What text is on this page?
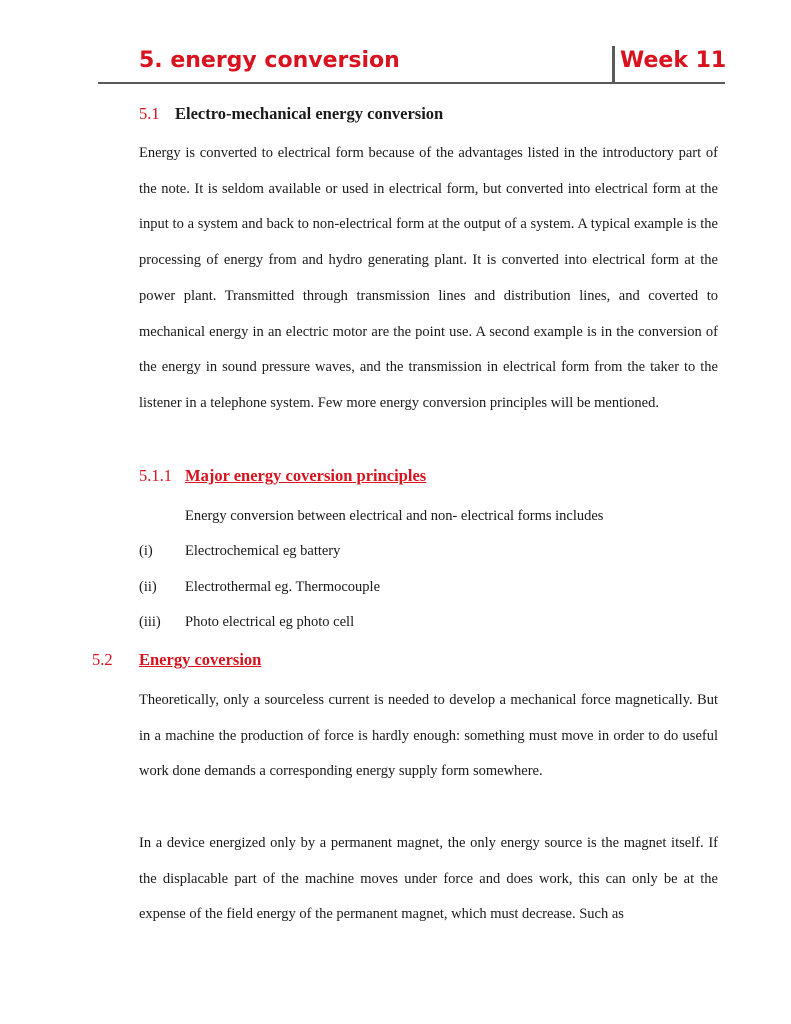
5. energy conversion	Week 11
5.1 Electro-mechanical energy conversion

Energy is converted to electrical form because of the advantages listed in the introductory part of the note. It is seldom available or used in electrical form, but converted into electrical form at the input to a system and back to non-electrical form at the output of a system. A typical example is the processing of energy from and hydro generating plant. It is converted into electrical form at the power plant. Transmitted through transmission lines and distribution lines, and coverted to mechanical energy in an electric motor are the point use. A second example is in the conversion of the energy in sound pressure waves, and the transmission in electrical form from the taker to the listener in a telephone system. Few more energy conversion principles will be mentioned.

5.1.1 Major energy coversion principles
Energy conversion between electrical and non- electrical forms includes
(i) Electrochemical eg battery
(ii) Electrothermal eg. Thermocouple
(iii) Photo electrical eg photo cell
5.2 Energy coversion

Theoretically, only a sourceless current is needed to develop a mechanical force magnetically. But in a machine the production of force is hardly enough: something must move in order to do useful work done demands a corresponding energy supply form somewhere.

In a device energized only by a permanent magnet, the only energy source is the magnet itself. If the displacable part of the machine moves under force and does work, this can only be at the expense of the field energy of the permanent magnet, which must decrease. Such as
